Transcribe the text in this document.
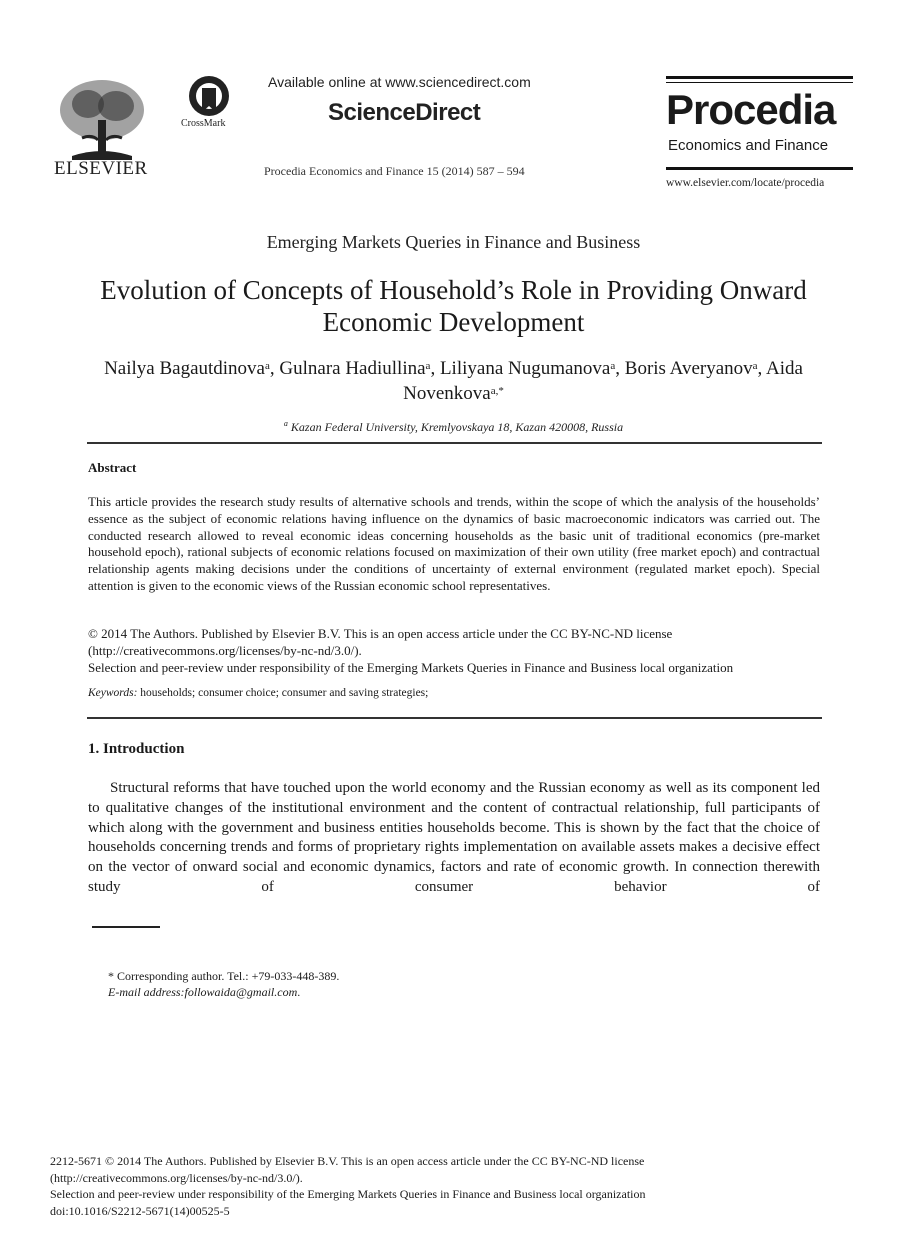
ELSEVIER
CrossMark
Available online at www.sciencedirect.com
ScienceDirect
Procedia Economics and Finance 15 (2014) 587 – 594
Procedia
Economics and Finance
www.elsevier.com/locate/procedia
Emerging Markets Queries in Finance and Business
Evolution of Concepts of Household’s Role in Providing Onward
Economic Development
Nailya Bagautdinova$^a$, Gulnara Hadiullina$^a$, Liliyana Nugumanova$^a$, Boris Averyanov$^a$, Aida Novenkova$^{a,*}$
$^a$ Kazan Federal University, Kremlyovskaya 18, Kazan 420008, Russia
Abstract
This article provides the research study results of alternative schools and trends, within the scope of which the analysis of the households’ essence as the subject of economic relations having influence on the dynamics of basic macroeconomic indicators was carried out. The conducted research allowed to reveal economic ideas concerning households as the basic unit of traditional economics (pre-market household epoch), rational subjects of economic relations focused on maximization of their own utility (free market epoch) and contractual relationship agents making decisions under the conditions of uncertainty of external environment (regulated market epoch). Special attention is given to the economic views of the Russian economic school representatives.
© 2014 The Authors. Published by Elsevier B.V. This is an open access article under the CC BY-NC-ND license
(http://creativecommons.org/licenses/by-nc-nd/3.0/).
Selection and peer-review under responsibility of the Emerging Markets Queries in Finance and Business local organization
Keywords: households; consumer choice; consumer and saving strategies;
1. Introduction
Structural reforms that have touched upon the world economy and the Russian economy as well as its component led to qualitative changes of the institutional environment and the content of contractual relationship, full participants of which along with the government and business entities households become. This is shown by the fact that the choice of households concerning trends and forms of proprietary rights implementation on available assets makes a decisive effect on the vector of onward social and economic dynamics, factors and rate of economic growth. In connection therewith study of consumer behavior of
* Corresponding author. Tel.: +79-033-448-389.
E-mail address:followaida@gmail.com.
2212-5671 © 2014 The Authors. Published by Elsevier B.V. This is an open access article under the CC BY-NC-ND license
(http://creativecommons.org/licenses/by-nc-nd/3.0/).
Selection and peer-review under responsibility of the Emerging Markets Queries in Finance and Business local organization
doi:10.1016/S2212-5671(14)00525-5
